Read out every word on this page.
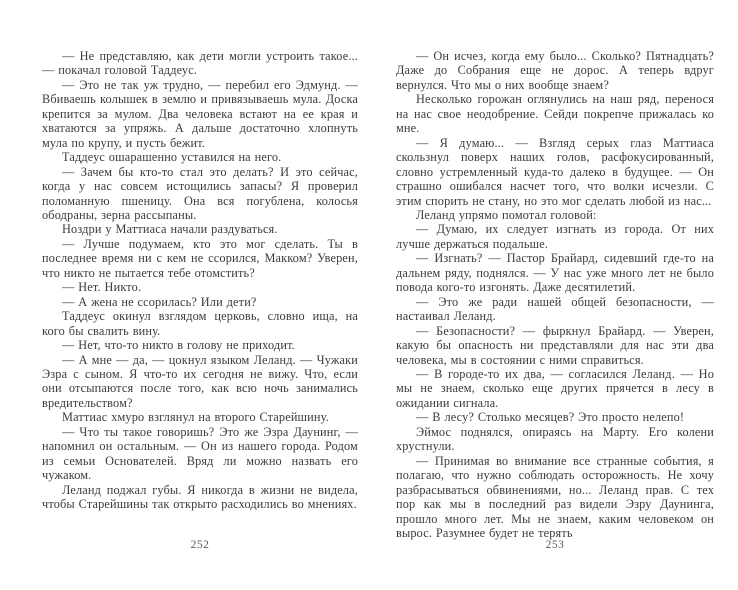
— Не представляю, как дети могли устроить такое... — покачал головой Таддеус.

— Это не так уж трудно, — перебил его Эдмунд. — Вбиваешь колышек в землю и привязываешь мула. Доска крепится за мулом. Два человека встают на ее края и хватаются за упряжь. А дальше достаточно хлопнуть мула по крупу, и пусть бежит.

Таддеус ошарашенно уставился на него.

— Зачем бы кто-то стал это делать? И это сейчас, когда у нас совсем истощились запасы? Я проверил поломанную пшеницу. Она вся погублена, колосья ободраны, зерна рассыпаны.

Ноздри у Маттиаса начали раздуваться.

— Лучше подумаем, кто это мог сделать. Ты в последнее время ни с кем не ссорился, Макком? Уверен, что никто не пытается тебе отомстить?

— Нет. Никто.

— А жена не ссорилась? Или дети?

Таддеус окинул взглядом церковь, словно ища, на кого бы свалить вину.

— Нет, что-то никто в голову не приходит.

— А мне — да, — цокнул языком Леланд. — Чужаки Эзра с сыном. Я что-то их сегодня не вижу. Что, если они отсыпаются после того, как всю ночь занимались вредительством?

Маттиас хмуро взглянул на второго Старейшину.

— Что ты такое говоришь? Это же Эзра Даунинг, — напомнил он остальным. — Он из нашего города. Родом из семьи Основателей. Вряд ли можно назвать его чужаком.

Леланд поджал губы. Я никогда в жизни не видела, чтобы Старейшины так открыто расходились во мнениях.

252

— Он исчез, когда ему было... Сколько? Пятнадцать? Даже до Собрания еще не дорос. А теперь вдруг вернулся. Что мы о них вообще знаем?

Несколько горожан оглянулись на наш ряд, перенося на нас свое неодобрение. Сейди покрепче прижалась ко мне.

— Я думаю... — Взгляд серых глаз Маттиаса скользнул поверх наших голов, расфокусированный, словно устремленный куда-то далеко в будущее. — Он страшно ошибался насчет того, что волки исчезли. С этим спорить не стану, но это мог сделать любой из нас...

Леланд упрямо помотал головой:

— Думаю, их следует изгнать из города. От них лучше держаться подальше.

— Изгнать? — Пастор Брайард, сидевший где-то на дальнем ряду, поднялся. — У нас уже много лет не было повода кого-то изгонять. Даже десятилетий.

— Это же ради нашей общей безопасности, — настаивал Леланд.

— Безопасности? — фыркнул Брайард. — Уверен, какую бы опасность ни представляли для нас эти два человека, мы в состоянии с ними справиться.

— В городе-то их два, — согласился Леланд. — Но мы не знаем, сколько еще других прячется в лесу в ожидании сигнала.

— В лесу? Столько месяцев? Это просто нелепо!

Эймос поднялся, опираясь на Марту. Его колени хрустнули.

— Принимая во внимание все странные события, я полагаю, что нужно соблюдать осторожность. Не хочу разбрасываться обвинениями, но... Леланд прав. С тех пор как мы в последний раз видели Эзру Даунинга, прошло много лет. Мы не знаем, каким человеком он вырос. Разумнее будет не терять

253
